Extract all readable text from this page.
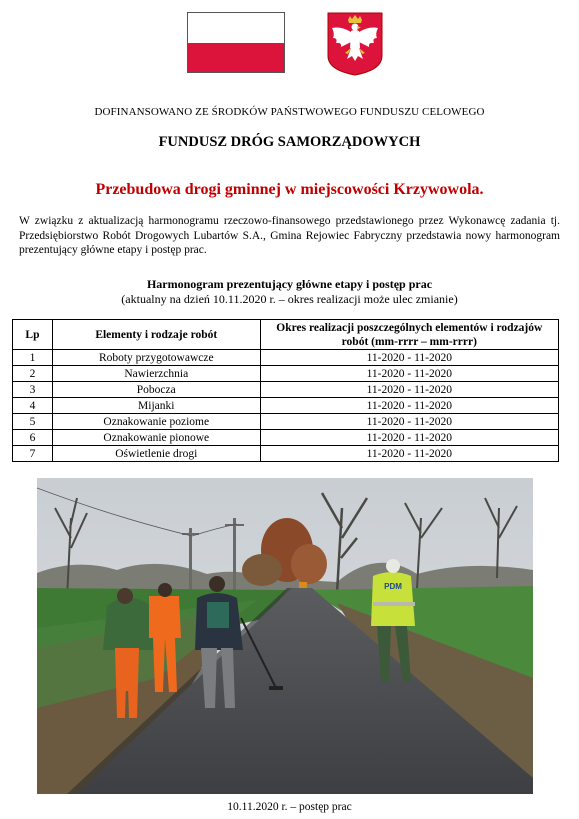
DOFINANSOWANO ZE ŚRODKÓW PAŃSTWOWEGO FUNDUSZU CELOWEGO
FUNDUSZ DRÓG SAMORZĄDOWYCH
Przebudowa drogi gminnej w miejscowości Krzywowola.
W związku z aktualizacją harmonogramu rzeczowo-finansowego przedstawionego przez Wykonawcę zadania tj. Przedsiębiorstwo Robót Drogowych Lubartów S.A., Gmina Rejowiec Fabryczny przedstawia nowy harmonogram prezentujący główne etapy i postęp prac.
Harmonogram prezentujący główne etapy i postęp prac
(aktualny na dzień 10.11.2020 r. – okres realizacji może ulec zmianie)
Lp	Elementy i rodzaje robót	Okres realizacji poszczególnych elementów i rodzajów robót (mm-rrrr – mm-rrrr)
1	Roboty przygotowawcze	11-2020 - 11-2020
2	Nawierzchnia	11-2020 - 11-2020
3	Pobocza	11-2020 - 11-2020
4	Mijanki	11-2020 - 11-2020
5	Oznakowanie poziome	11-2020 - 11-2020
6	Oznakowanie pionowe	11-2020 - 11-2020
7	Oświetlenie drogi	11-2020 - 11-2020
PDM
10.11.2020 r. – postęp prac
